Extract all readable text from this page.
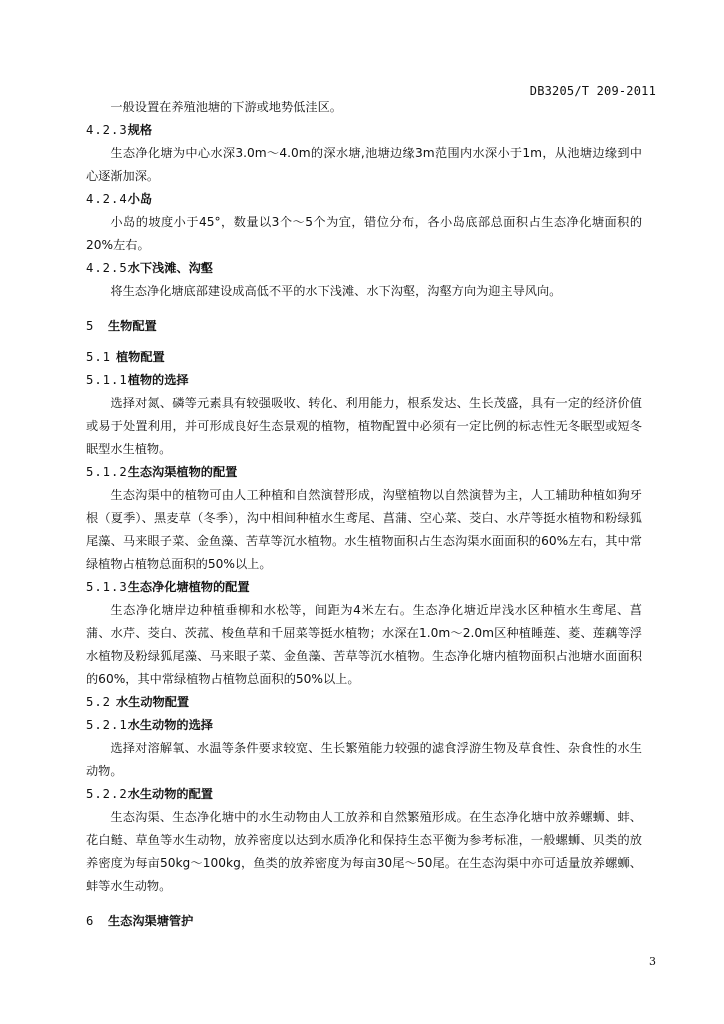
DB3205/T 209-2011

一般设置在养殖池塘的下游或地势低洼区。

4.2.3规格

生态净化塘为中心水深3.0m～4.0m的深水塘,池塘边缘3m范围内水深小于1m，从池塘边缘到中心逐渐加深。

4.2.4小岛

小岛的坡度小于45°，数量以3个～5个为宜，错位分布，各小岛底部总面积占生态净化塘面积的20%左右。

4.2.5水下浅滩、沟壑

将生态净化塘底部建设成高低不平的水下浅滩、水下沟壑，沟壑方向为迎主导风向。

5 生物配置
5.1 植物配置
5.1.1植物的选择

选择对氮、磷等元素具有较强吸收、转化、利用能力，根系发达、生长茂盛，具有一定的经济价值或易于处置利用，并可形成良好生态景观的植物，植物配置中必须有一定比例的标志性无冬眠型或短冬眠型水生植物。

5.1.2生态沟渠植物的配置

生态沟渠中的植物可由人工种植和自然演替形成，沟壁植物以自然演替为主，人工辅助种植如狗牙根（夏季）、黑麦草（冬季），沟中相间种植水生鸢尾、菖蒲、空心菜、茭白、水芹等挺水植物和粉绿狐尾藻、马来眼子菜、金鱼藻、苦草等沉水植物。水生植物面积占生态沟渠水面面积的60%左右，其中常绿植物占植物总面积的50%以上。

5.1.3生态净化塘植物的配置

生态净化塘岸边种植垂柳和水松等，间距为4米左右。生态净化塘近岸浅水区种植水生鸢尾、菖蒲、水芹、茭白、茨菰、梭鱼草和千屈菜等挺水植物；水深在1.0m～2.0m区种植睡莲、菱、莲藕等浮水植物及粉绿狐尾藻、马来眼子菜、金鱼藻、苦草等沉水植物。生态净化塘内植物面积占池塘水面面积的60%，其中常绿植物占植物总面积的50%以上。

5.2 水生动物配置
5.2.1水生动物的选择

选择对溶解氧、水温等条件要求较宽、生长繁殖能力较强的滤食浮游生物及草食性、杂食性的水生动物。

5.2.2水生动物的配置

生态沟渠、生态净化塘中的水生动物由人工放养和自然繁殖形成。在生态净化塘中放养螺蛳、蚌、花白鲢、草鱼等水生动物，放养密度以达到水质净化和保持生态平衡为参考标准，一般螺蛳、贝类的放养密度为每亩50kg～100kg，鱼类的放养密度为每亩30尾～50尾。在生态沟渠中亦可适量放养螺蛳、蚌等水生动物。

6 生态沟渠塘管护
3
